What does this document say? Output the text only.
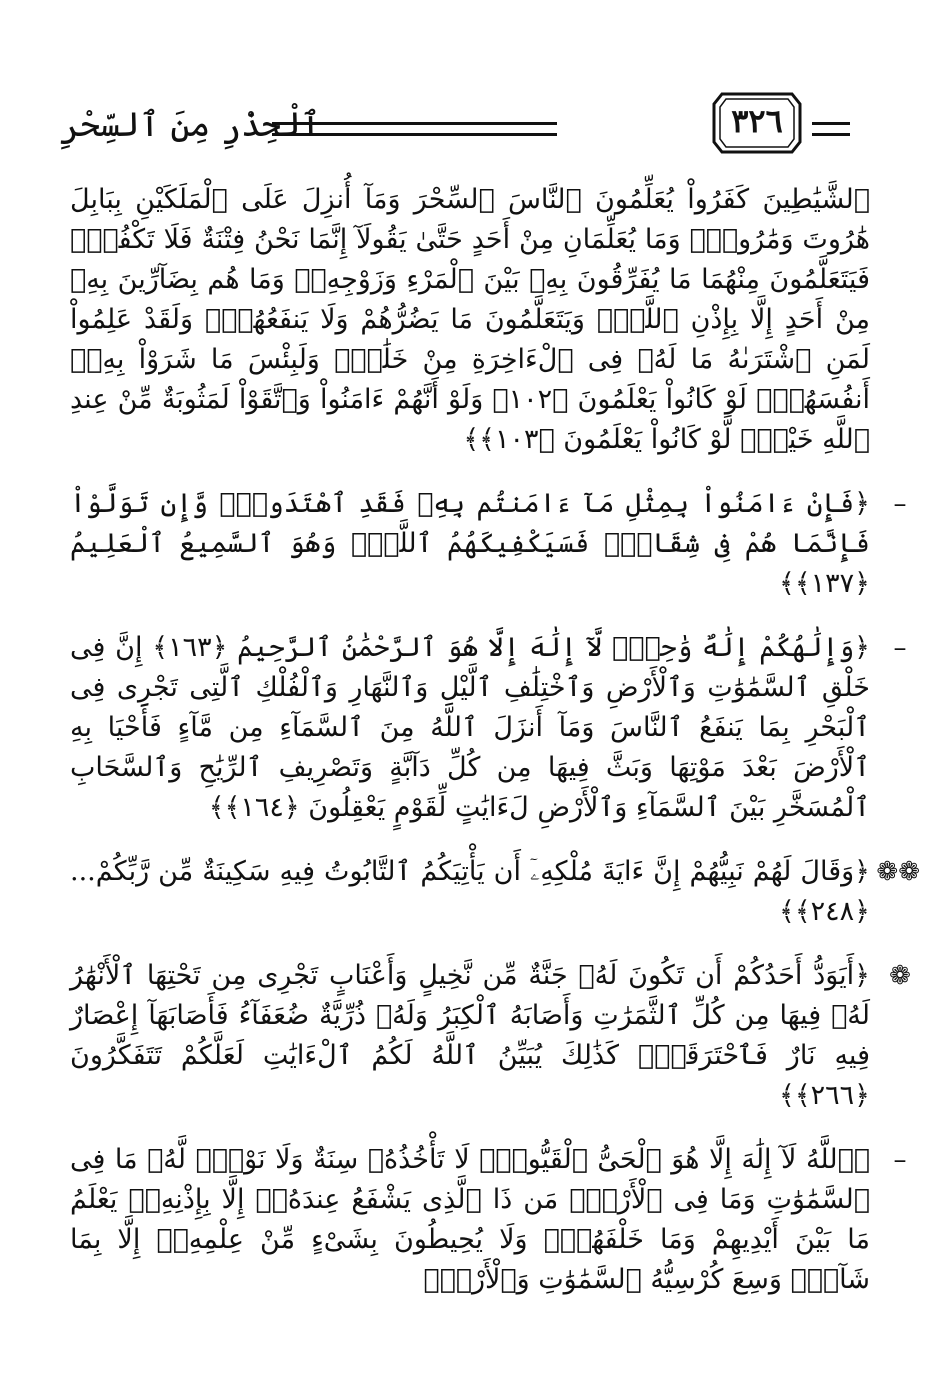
٣٢٦
ٱلْحِذْرِ مِنَ ٱلسِّحْرِ
ٱلشَّيَٰطِينَ كَفَرُواْ يُعَلِّمُونَ ٱلنَّاسَ ٱلسِّحْرَ وَمَآ أُنزِلَ عَلَى ٱلْمَلَكَيْنِ بِبَابِلَ هَٰرُوتَ وَمَٰرُوتَۚ وَمَا يُعَلِّمَانِ مِنْ أَحَدٍ حَتَّىٰ يَقُولَآ إِنَّمَا نَحْنُ فِتْنَةٌ فَلَا تَكْفُرْۖ فَيَتَعَلَّمُونَ مِنْهُمَا مَا يُفَرِّقُونَ بِهِۦ بَيْنَ ٱلْمَرْءِ وَزَوْجِهِۦۚ وَمَا هُم بِضَآرِّينَ بِهِۦ مِنْ أَحَدٍ إِلَّا بِإِذْنِ ٱللَّهِۚ وَيَتَعَلَّمُونَ مَا يَضُرُّهُمْ وَلَا يَنفَعُهُمْۚ وَلَقَدْ عَلِمُواْ لَمَنِ ٱشْتَرَىٰهُ مَا لَهُۥ فِى ٱلْءَاخِرَةِ مِنْ خَلَٰقٍۚ وَلَبِئْسَ مَا شَرَوْاْ بِهِۦٓ أَنفُسَهُمْۚ لَوْ كَانُواْ يَعْلَمُونَ ﴿١٠٢﴾ وَلَوْ أَنَّهُمْ ءَامَنُواْ وَٱتَّقَوْاْ لَمَثُوبَةٌ مِّنْ عِندِ ٱللَّهِ خَيْرٌۖ لَّوْ كَانُواْ يَعْلَمُونَ ﴿١٠٣﴾﴾
–
﴿فَإِنْ ءَامَنُواْ بِمِثْلِ مَآ ءَامَنتُم بِهِۦ فَقَدِ ٱهْتَدَواْۖ وَّإِن تَوَلَّوْاْ فَإِنَّمَا هُمْ فِى شِقَاقٍۖ فَسَيَكْفِيكَهُمُ ٱللَّهُۚ وَهُوَ ٱلسَّمِيعُ ٱلْعَلِيمُ ﴿١٣٧﴾﴾
–
﴿وَإِلَٰهُكُمْ إِلَٰهٌ وَٰحِدٌۖ لَّآ إِلَٰهَ إِلَّا هُوَ ٱلرَّحْمَٰنُ ٱلرَّحِيمُ ﴿١٦٣﴾ إِنَّ فِى خَلْقِ ٱلسَّمَٰوَٰتِ وَٱلْأَرْضِ وَٱخْتِلَٰفِ ٱلَّيْلِ وَٱلنَّهَارِ وَٱلْفُلْكِ ٱلَّتِى تَجْرِى فِى ٱلْبَحْرِ بِمَا يَنفَعُ ٱلنَّاسَ وَمَآ أَنزَلَ ٱللَّهُ مِنَ ٱلسَّمَآءِ مِن مَّآءٍ فَأَحْيَا بِهِ ٱلْأَرْضَ بَعْدَ مَوْتِهَا وَبَثَّ فِيهَا مِن كُلِّ دَآبَّةٍ وَتَصْرِيفِ ٱلرِّيَٰحِ وَٱلسَّحَابِ ٱلْمُسَخَّرِ بَيْنَ ٱلسَّمَآءِ وَٱلْأَرْضِ لَءَايَٰتٍ لِّقَوْمٍ يَعْقِلُونَ ﴿١٦٤﴾﴾
❁❁
﴿وَقَالَ لَهُمْ نَبِيُّهُمْ إِنَّ ءَايَةَ مُلْكِهِۦٓ أَن يَأْتِيَكُمُ ٱلتَّابُوتُ فِيهِ سَكِينَةٌ مِّن رَّبِّكُمْ... ﴿٢٤٨﴾﴾
❁
﴿أَيَوَدُّ أَحَدُكُمْ أَن تَكُونَ لَهُۥ جَنَّةٌ مِّن نَّخِيلٍ وَأَعْنَابٍ تَجْرِى مِن تَحْتِهَا ٱلْأَنْهَٰرُ لَهُۥ فِيهَا مِن كُلِّ ٱلثَّمَرَٰتِ وَأَصَابَهُ ٱلْكِبَرُ وَلَهُۥ ذُرِّيَّةٌ ضُعَفَآءُ فَأَصَابَهَآ إِعْصَارٌ فِيهِ نَارٌ فَٱحْتَرَقَتْۗ كَذَٰلِكَ يُبَيِّنُ ٱللَّهُ لَكُمُ ٱلْءَايَٰتِ لَعَلَّكُمْ تَتَفَكَّرُونَ ﴿٢٦٦﴾﴾
–
﴿ٱللَّهُ لَآ إِلَٰهَ إِلَّا هُوَ ٱلْحَىُّ ٱلْقَيُّومُۚ لَا تَأْخُذُهُۥ سِنَةٌ وَلَا نَوْمٌۚ لَّهُۥ مَا فِى ٱلسَّمَٰوَٰتِ وَمَا فِى ٱلْأَرْضِۗ مَن ذَا ٱلَّذِى يَشْفَعُ عِندَهُۥٓ إِلَّا بِإِذْنِهِۦۚ يَعْلَمُ مَا بَيْنَ أَيْدِيهِمْ وَمَا خَلْفَهُمْۖ وَلَا يُحِيطُونَ بِشَىْءٍ مِّنْ عِلْمِهِۦٓ إِلَّا بِمَا شَآءَۚ وَسِعَ كُرْسِيُّهُ ٱلسَّمَٰوَٰتِ وَٱلْأَرْضَۖ
